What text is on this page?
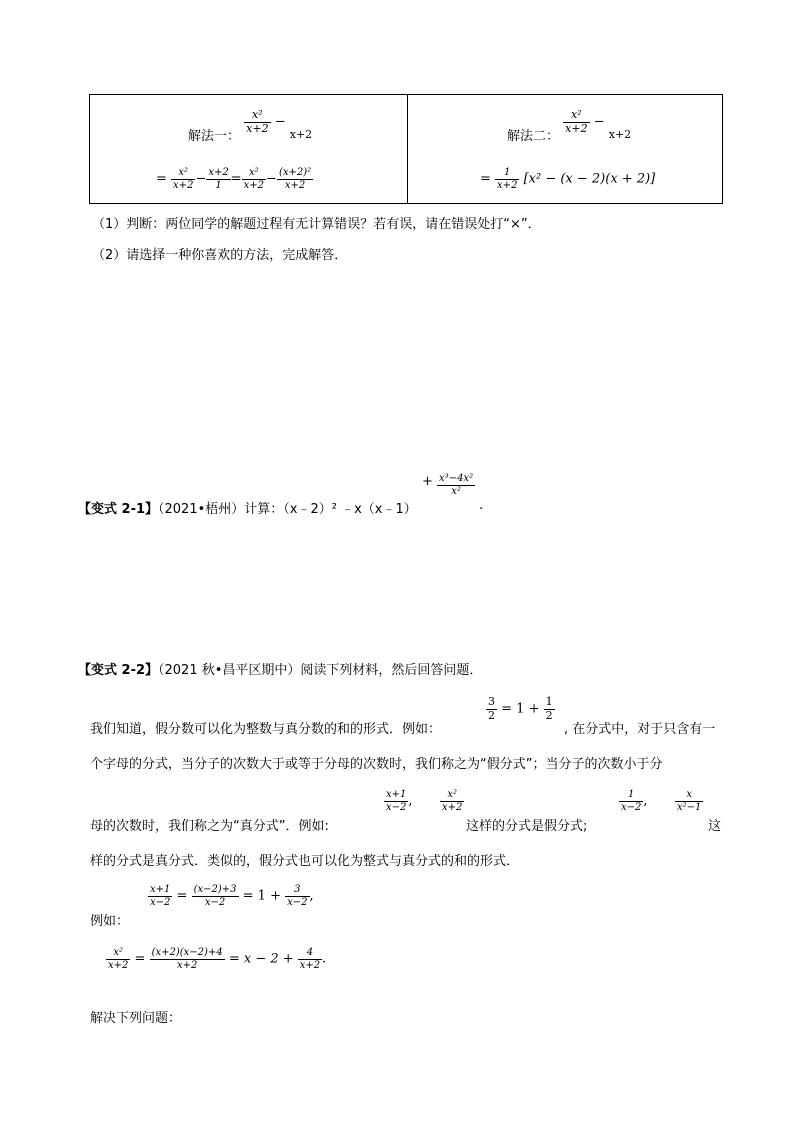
解法一：
$\frac{\text{x²}}{x+2} - _{x+2}$
= $\frac{\text{x²}}{x+2} - \frac{x+2}{1} = \frac{\text{x²}}{x+2} - \frac{\text{(x+2)²}}{x+2}$
解法二：
$\frac{\text{x²}}{x+2} - _{x+2}$
= $\frac{1}{x+2} [x^2 - (x - 2)(x + 2)]$
（1）判断：两位同学的解题过程有无计算错误？若有误，请在错误处打“×”．
（2）请选择一种你喜欢的方法，完成解答．
【变式 2-1】（2021•梧州）计算：（x﹣2）² ﹣x（x﹣1）
+ $\frac{\text{x³−4x²}}{\text{x²}}$
.
【变式 2-2】（2021 秋•昌平区期中）阅读下列材料，然后回答问题．
我们知道，假分数可以化为整数与真分数的和的形式．例如：
$\frac{3}{2} = 1 + \frac{1}{2}$
, 在分式中，对于只含有一
个字母的分式，当分子的次数大于或等于分母的次数时，我们称之为“假分式”；当分子的次数小于分
母的次数时，我们称之为“真分式”．例如:
$\frac{x+1}{x-2}$ ,	$\frac{\text{x²}}{x+2}$
这样的分式是假分式;
$\frac{1}{x-2}$ ,	$\frac{x}{\text{x²−1}}$
这
样的分式是真分式．类似的，假分式也可以化为整式与真分式的和的形式．
例如：
$\frac{x+1}{x-2} = \frac{(x-2)+3}{x-2} = 1 + \frac{3}{x-2}$ ,
$\frac{\text{x²}}{x+2} = \frac{(x+2)(x-2)+4}{x+2} = x - 2 + \frac{4}{x+2}$ .
解决下列问题：
